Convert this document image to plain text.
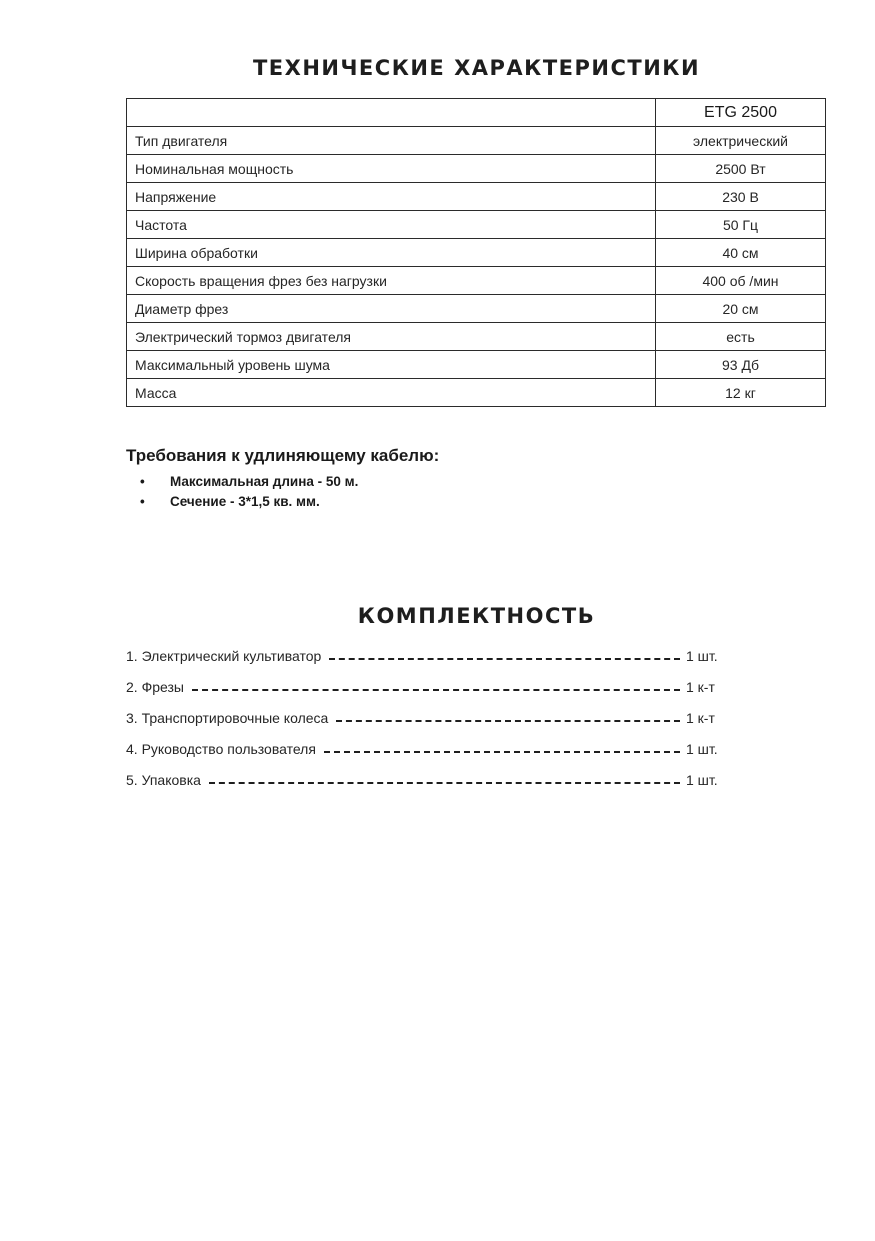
ТЕХНИЧЕСКИЕ ХАРАКТЕРИСТИКИ
	ETG 2500
Тип двигателя	электрический
Номинальная мощность	2500 Вт
Напряжение	230 В
Частота	50 Гц
Ширина обработки	40 см
Скорость вращения фрез без нагрузки	400 об /мин
Диаметр фрез	20 см
Электрический тормоз двигателя	есть
Максимальный уровень шума	93 Дб
Масса	12 кг
Требования к удлиняющему кабелю:
• Максимальная длина - 50 м.
• Сечение - 3*1,5 кв. мм.
КОМПЛЕКТНОСТЬ
1. Электрический культиватор	1 шт.
2. Фрезы	1 к-т
3. Транспортировочные колеса	1 к-т
4. Руководство пользователя	1 шт.
5. Упаковка	1 шт.
